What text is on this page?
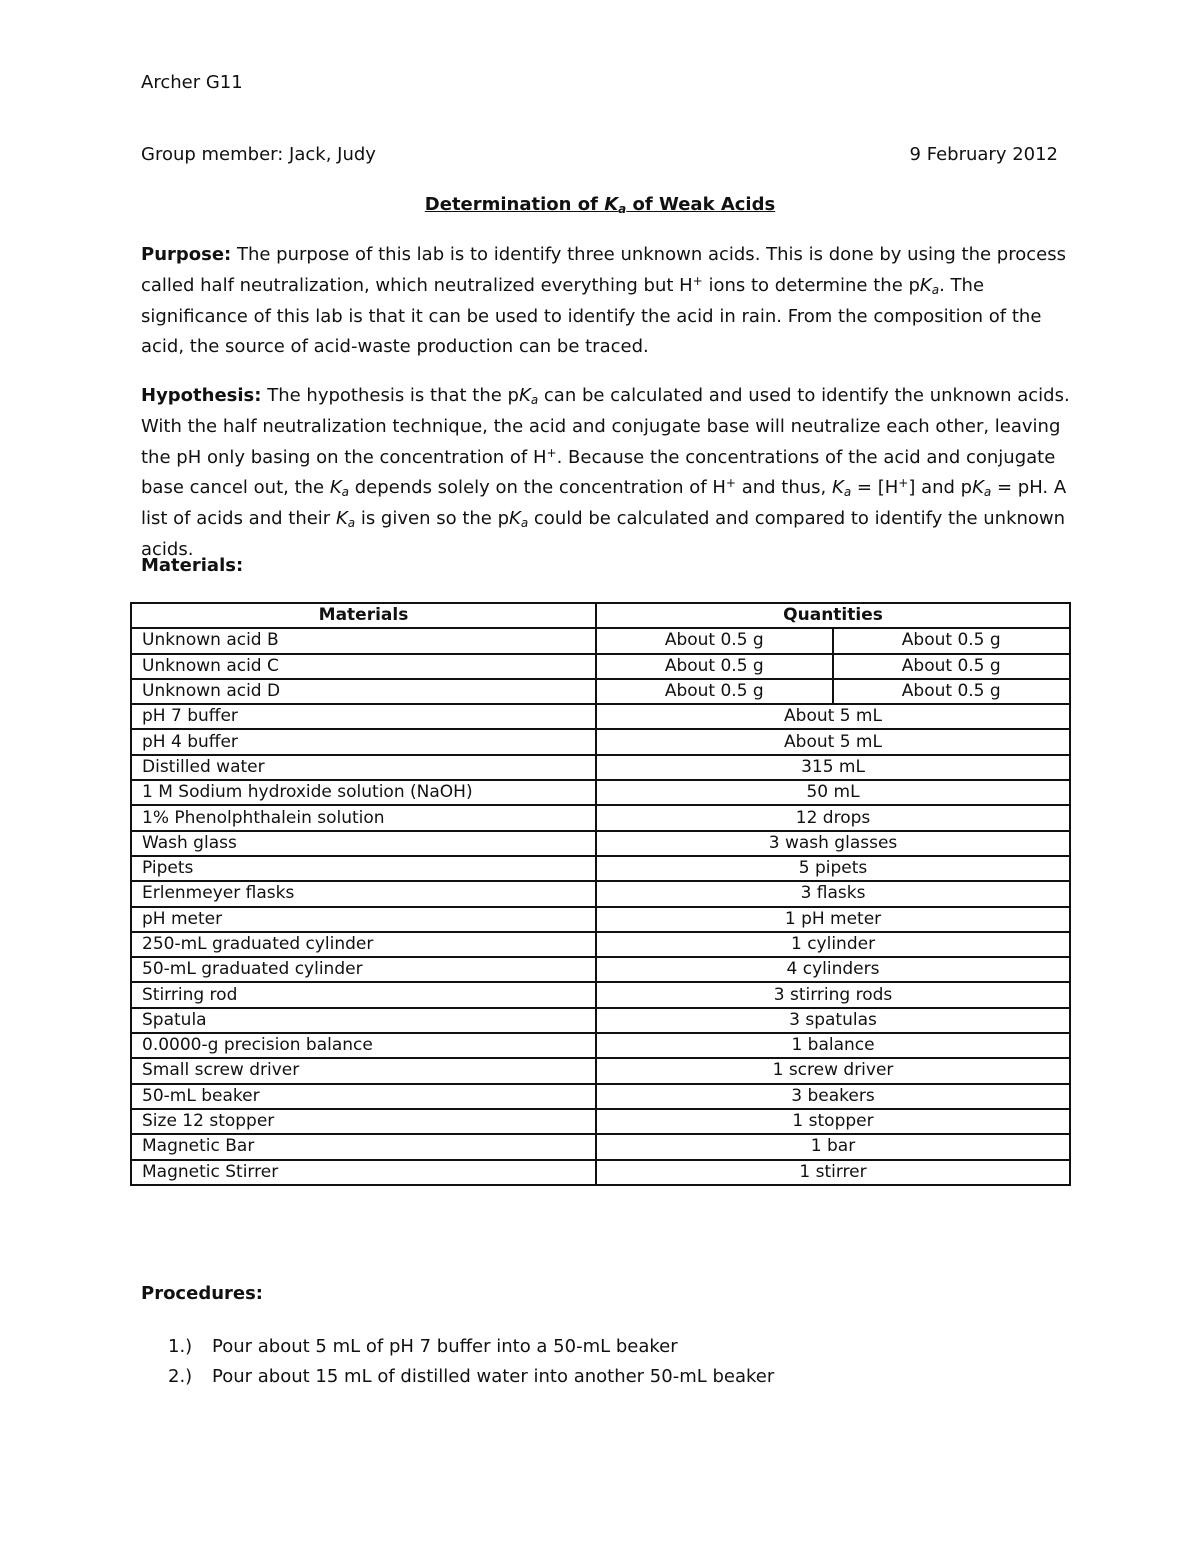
Archer G11
Group member: Jack, Judy	9 February 2012
Determination of $K_a$ of Weak Acids
Purpose: The purpose of this lab is to identify three unknown acids. This is done by using the process called half neutralization, which neutralized everything but H+ ions to determine the $pK_a$. The significance of this lab is that it can be used to identify the acid in rain. From the composition of the acid, the source of acid-waste production can be traced.
Hypothesis: The hypothesis is that the $pK_a$ can be calculated and used to identify the unknown acids. With the half neutralization technique, the acid and conjugate base will neutralize each other, leaving the pH only basing on the concentration of H+. Because the concentrations of the acid and conjugate base cancel out, the $K_a$ depends solely on the concentration of H+ and thus, $K_a = [H^+]$ and $pK_a$ = pH. A list of acids and their $K_a$ is given so the $pK_a$ could be calculated and compared to identify the unknown acids.
Materials:
Materials	Quantities	
Unknown acid B	About 0.5 g	About 0.5 g
Unknown acid C	About 0.5 g	About 0.5 g
Unknown acid D	About 0.5 g	About 0.5 g
pH 7 buffer	About 5 mL	
pH 4 buffer	About 5 mL	
Distilled water	315 mL	
1 M Sodium hydroxide solution (NaOH)	50 mL	
1% Phenolphthalein solution	12 drops	
Wash glass	3 wash glasses	
Pipets	5 pipets	
Erlenmeyer flasks	3 flasks	
pH meter	1 pH meter	
250-mL graduated cylinder	1 cylinder	
50-mL graduated cylinder	4 cylinders	
Stirring rod	3 stirring rods	
Spatula	3 spatulas	
0.0000-g precision balance	1 balance	
Small screw driver	1 screw driver	
50-mL beaker	3 beakers	
Size 12 stopper	1 stopper	
Magnetic Bar	1 bar	
Magnetic Stirrer	1 stirrer	
Procedures:
1.) Pour about 5 mL of pH 7 buffer into a 50-mL beaker
2.) Pour about 15 mL of distilled water into another 50-mL beaker
